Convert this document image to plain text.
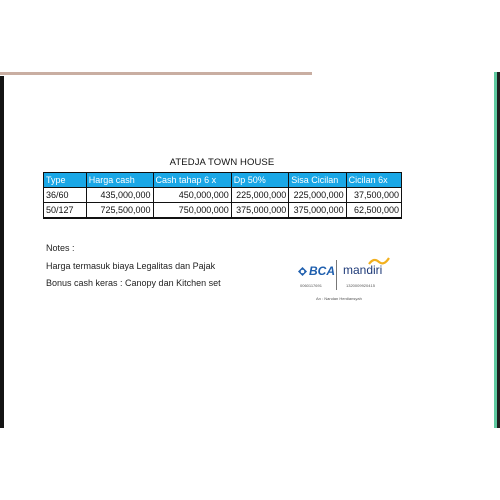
ATEDJA TOWN HOUSE
Type	Harga cash	Cash tahap 6 x	Dp 50%	Sisa Cicilan	Cicilan 6x
36/60	435,000,000	450,000,000	225,000,000	225,000,000	37,500,000
50/127	725,500,000	750,000,000	375,000,000	375,000,000	62,500,000
Notes :
Harga termasuk biaya Legalitas dan Pajak
Bonus cash keras : Canopy dan Kitchen set
BCA mandiri
0060117691	1320009920415
An : Nandan Herdiansyah
